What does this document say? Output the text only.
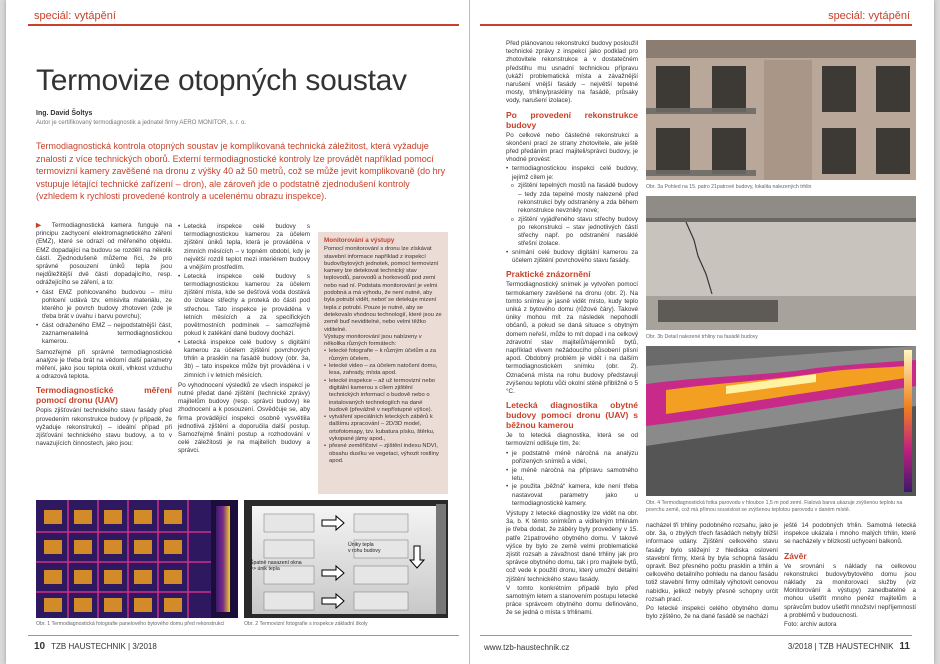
speciál: vytápění
Termovize otopných soustav
Ing. David Šoltys
Autor je certifikovaný termodiagnostik a jednatel firmy AERO MONITOR, s. r. o.
Termodiagnostická kontrola otopných soustav je komplikovaná technická záležitost, která vyžaduje znalosti z více technických oborů. Externí termodiagnostické kontroly lze provádět například pomocí termovizní kamery zavěšené na dronu z výšky 40 až 50 metrů, což se může jevit komplikovaně (do hry vstupuje létající technické zařízení – dron), ale zároveň jde o podstatně zjednodušení kontroly (vzhledem k rychlosti provedené kontroly a ucelenému obrazu inspekce).

▶ Termodiagnostická kamera funguje na principu zachycení elektromagnetického záření (EMZ), které se odrazí od měřeného objektu. EMZ dopadající na budovu se rozdělí na několik částí. Zjednodušeně můžeme říci, že pro správné posouzení úniků tepla jsou nejdůležitější dvě části dopadajícího, resp. odrážejícího se záření, a to:

• část EMZ pohlcovaného budovou – míru pohlcení udává tzv. emisivita materiálu, ze kterého je povrch budovy zhotoven (zde je třeba brát v úvahu i barvu povrchu);
• část odraženého EMZ – nejpodstatnější část, zaznamenatelná termodiagnostickou kamerou.

Samozřejmě při správné termodiagnostické analýze je třeba brát na vědomí další parametry měření, jako jsou teplota okolí, vlhkost vzduchu a odrazová teplota.

Termodiagnostické měření pomocí dronu (UAV)

Popis zjišťování technického stavu fasády před provedením rekonstrukce budovy (v případě, že vyžaduje rekonstrukci) – ideální případ při zjišťování technického stavu budovy, a to v navazujících činnostech, jako jsou:

• Letecká inspekce celé budovy s termodiagnostickou kamerou za účelem zjištění úniků tepla, která je prováděna v zimních měsících – v topném období, kdy je největší rozdíl teplot mezi interiérem budovy a vnějším prostředím.
• Letecká inspekce celé budovy s termodiagnostickou kamerou za účelem zjištění místa, kde se dešťová voda dostává do izolace střechy a proteká do části pod střechou. Tato inspekce je prováděna v letních měsících a za specifických povětrnostních podmínek – samozřejmě pokud k zatékání dané budovy dochází.
• Letecká inspekce celé budovy s digitální kamerou za účelem zjištění povrchových trhlin a prasklin na fasádě budovy (obr. 3a, 3b) – tato inspekce může být prováděna i v zimních i v letních měsících.

Po vyhodnocení výsledků ze všech inspekcí je nutné předat dané zjištění (technické zprávy) majitelům budovy (resp. správci budovy) ke zhodnocení a k posouzení. Osvědčuje se, aby firma provádějící inspekci osobně vysvětlila jednotlivá zjištění a doporučila další postup. Samozřejmě finální postup a rozhodování v celé záležitosti je na majitelích budovy a správci.

Monitorování a výstupy

Pomocí monitorování s dronu lze získávat stavební informace například z inspekcí budov/bytových jednotek, pomocí termovizní kamery lze detekovat technický stav teplovodů, parovodů a horkovodů pod zemí nebo nad ní. Podstata monitorování je velmi podobná a má výhodu, že není nutné, aby byla potrubí vidět, neboť se detekuje mizení tepla z potrubí. Pouze je nutné, aby se detekovalo vhodnou technologií, které jsou ze země buď neviditelné, nebo velmi těžko viditelné.

Výstupy monitorování jsou nabízeny v několika různých formátech:

• letecké fotografie – k různým účelům a za různým účelem,
• letecké video – za účelem natočení domu, lesa, zahrady, místa apod.
• letecké inspekce – až už termovizní nebo digitální kamerou s cílem zjištění technických informací o budově nebo o instalovaných technologiích na dané budově (převážně v nepřístupné výšce).
• vytváření speciálních leteckých záběrů k dalšímu zpracování – 2D/3D model, ortofotomapy, tzv. kubatura písku, štěrku, vykopané jámy apod.,
• přesné zeměřičství – zjištění indexu NDVI, obsahu dusíku ve vegetaci, výhozit rostliny apod.
Obr. 1 Termodiagnostická fotografie panelového bytového domu před rekonstrukcí
Úniky tepla
v rohu budovy
Špatně nasazení okna
=> únik tepla
Obr. 2 Termovizní fotografie s inspekce základní školy
10 TZB HAUSTECHNIK | 3/2018
speciál: vytápění

Před plánovanou rekonstrukcí budovy posloužil technické zprávy z inspekcí jako podklad pro zhotovitele rekonstrukce a v dostatečném předstihu mu usnadní technickou přípravu (ukáží problematická místa a závažnější narušení vnější fasády – největší tepelné mosty, trhliny/praskliny na fasádě, průsaky vody, narušení izolace).

Po provedení rekonstrukce budovy

Po celkové nebo částečné rekonstrukci a skončení prací ze strany zhotovitele, ale ještě před předáním prací majiteli/správci budovy, je vhodné provést:

• termodiagnostickou inspekci celé budovy, jejímž cílem je:
o zjištění tepelných mostů na fasádě budovy – tedy zda tepelné mosty nalezené před rekonstrukcí byly odstraněny a zda během rekonstrukce nevznikly nové;
o zjištění vyjádřeného stavu střechy budovy po rekonstrukci – stav jednotlivých částí střechy např. po odstranění nasáklé střešní izolace.
• snímání celé budovy digitální kamerou za účelem zjištění povrchového stavu fasády.
Praktické znázornění

Termodiagnostický snímek je vytvořen pomocí termokamery zavěšené na dronu (obr. 2). Na tomto snímku je jasně vidět místo, kudy teplo uniká z bytového domu (růžové čáry). Takové úniky mohou mít za následek nepohodlí občanů, a pokud se daná situace s obytným domem neřeší, může to mít dopad i na celkový zdravotní stav majitelů/nájemníků bytů, například vlivem nežádoucího působení plísní apod. Obdobný problém je vidět i na dalším termodiagnostickém snímku (obr. 2). Označená místa na rohu budovy představují zvýšenou teplotu vůči okolní stěně přibližně o 5 °C.

Letecká diagnostika obytné budovy pomocí dronu (UAV) s běžnou kamerou

Je to letecká diagnostika, která se od termovizní odlišuje tím, že:

• je podstatně méně náročná na analýzu pořízených snímků a videí,
• je méně náročná na přípravu samotného letu,
• je použita „běžná“ kamera, kde není třeba nastavovat parametry jako u termodiagnostické kamery.

Výstupy z letecké diagnostiky lze vidět na obr. 3a, b. K těmto snímkům a viditelným trhlinám je třeba dodat, že záběry byly provedeny v 15. patře 21patrového obytného domu. V takové výšce by bylo ze země velmi problematické zjistit rozsah a závažnost dané trhliny jak pro správce obytného domu, tak i pro majitele bytů, což vede k použití dronu, který umožní detailní zjištění technického stavu fasády.

V tomto konkrétním případě bylo před samotným letem a stanovením postupu letecké práce správcem obytného domu definováno, že se jedná o místa s trhlinami.

Obr. 3a Pohled na 15. patro 21patrové budovy, lokalita nalezených trhlin
Obr. 3b Detail nalezené trhliny na fasádě budovy
Obr. 4 Termodiagnostická fotka parovodu v hloubce 1,5 m pod zemí. Fialová barva ukazuje zvýšenou teplotu na povrchu země, což má přímou souvislost se zvýšenou teplotou parovodu v daném místě.

nacházel tři trhliny podobného rozsahu, jako je obr. 3a, o zbylých třech fasádách nebyly bližší informace udány. Zjištění celkového stavu fasády bylo stěžejní z hlediska oslovení stavební firmy, která by byla schopná fasádu opravit. Bez přesného počtu prasklin a trhlin a celkového detailního pohledu na danou fasádu totiž stavební firmy odmítaly výhotovit cenovou nabídku, jelikož nebyly přesně schopny určit rozsah prací.

Po letecké inspekci celého obytného domu bylo zjištěno, že na dané fasádě se nachází

ještě 14 podobných trhlin. Samotná letecká inspekce ukázala i mnoho malých trhlin, které se nacházely v blízkosti uchycení balkonů.

Závěr

Ve srovnání s náklady na celkovou rekonstrukci budovy/bytového domu jsou náklady za monitorovací služby (viz Monitorování a výstupy) zanedbatelné a mohou ušetřit mnoho peněz majitelům a správcům budov ušetřit množství nepříjemností a problémů v budoucnosti.

Foto: archiv autora

www.tzb-haustechnik.cz	3/2018 | TZB HAUSTECHNIK 11
